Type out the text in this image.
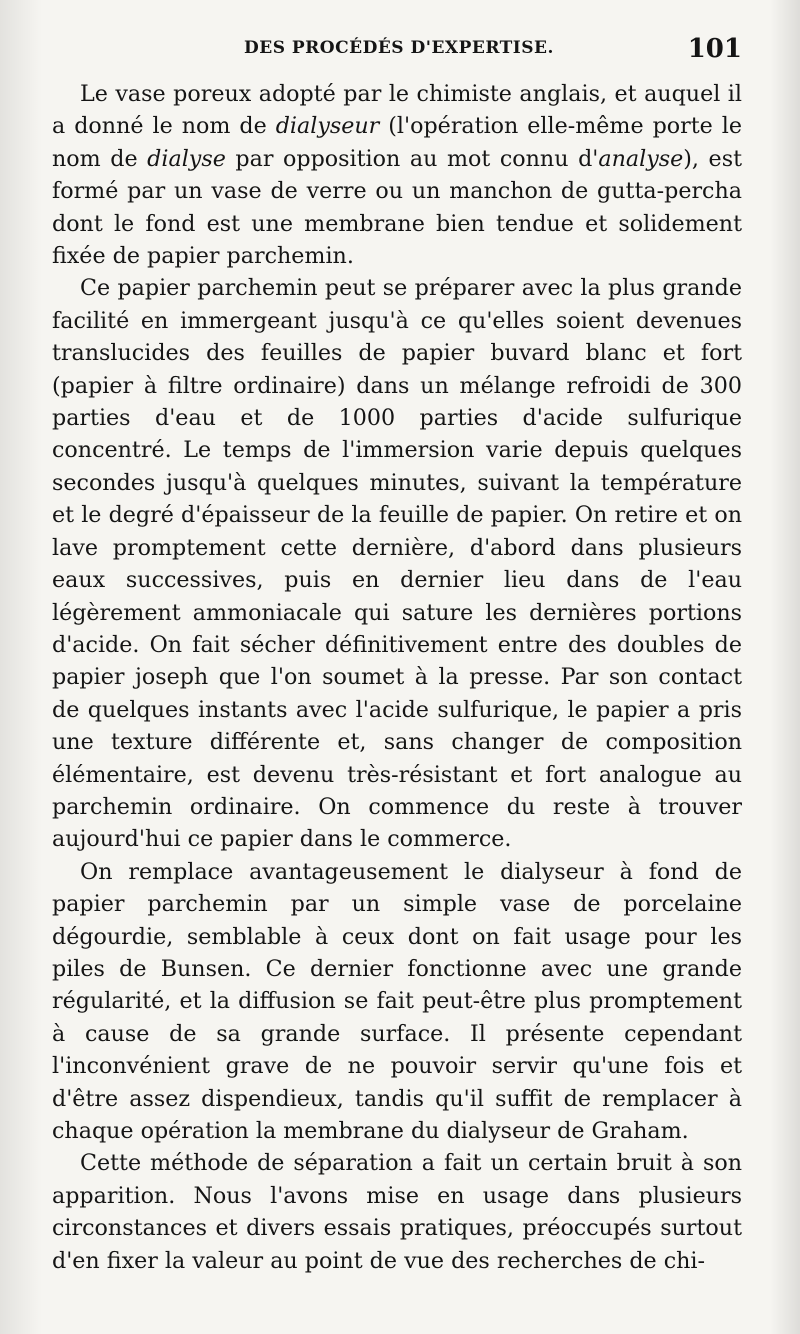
DES PROCÉDÉS D'EXPERTISE.	101

Le vase poreux adopté par le chimiste anglais, et auquel il a donné le nom de dialyseur (l'opération elle-même porte le nom de dialyse par opposition au mot connu d'analyse), est formé par un vase de verre ou un manchon de gutta-percha dont le fond est une membrane bien tendue et solidement fixée de papier parchemin.

Ce papier parchemin peut se préparer avec la plus grande facilité en immergeant jusqu'à ce qu'elles soient devenues translucides des feuilles de papier buvard blanc et fort (papier à filtre ordinaire) dans un mélange refroidi de 300 parties d'eau et de 1000 parties d'acide sulfurique concentré. Le temps de l'immersion varie depuis quelques secondes jusqu'à quelques minutes, suivant la température et le degré d'épaisseur de la feuille de papier. On retire et on lave promptement cette dernière, d'abord dans plusieurs eaux successives, puis en dernier lieu dans de l'eau légèrement ammoniacale qui sature les dernières portions d'acide. On fait sécher définitivement entre des doubles de papier joseph que l'on soumet à la presse. Par son contact de quelques instants avec l'acide sulfurique, le papier a pris une texture différente et, sans changer de composition élémentaire, est devenu très-résistant et fort analogue au parchemin ordinaire. On commence du reste à trouver aujourd'hui ce papier dans le commerce.

On remplace avantageusement le dialyseur à fond de papier parchemin par un simple vase de porcelaine dégourdie, semblable à ceux dont on fait usage pour les piles de Bunsen. Ce dernier fonctionne avec une grande régularité, et la diffusion se fait peut-être plus promptement à cause de sa grande surface. Il présente cependant l'inconvénient grave de ne pouvoir servir qu'une fois et d'être assez dispendieux, tandis qu'il suffit de remplacer à chaque opération la membrane du dialyseur de Graham.

Cette méthode de séparation a fait un certain bruit à son apparition. Nous l'avons mise en usage dans plusieurs circonstances et divers essais pratiques, préoccupés surtout d'en fixer la valeur au point de vue des recherches de chi-
